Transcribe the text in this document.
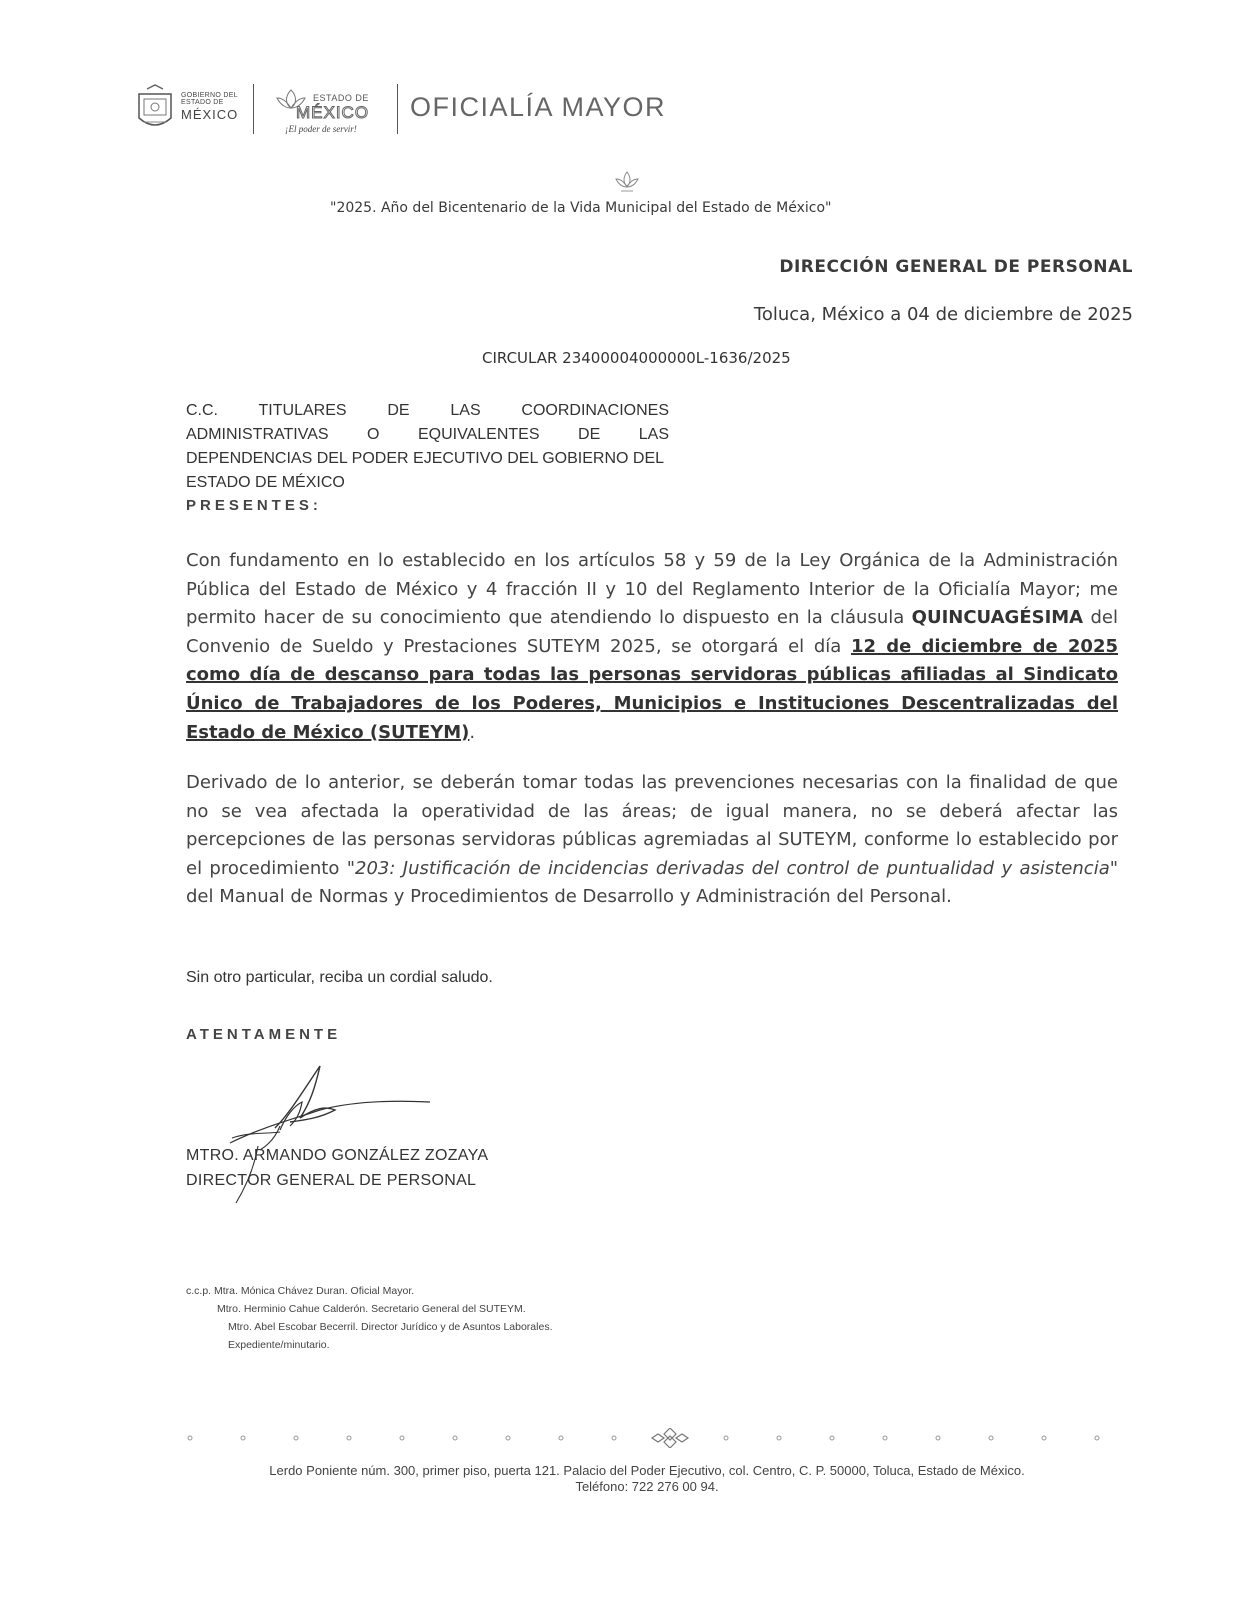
GOBIERNO DEL
ESTADO DE
MÉXICO
ESTADO DE
MÉXICO
¡El poder de servir!
OFICIALÍA MAYOR
"2025. Año del Bicentenario de la Vida Municipal del Estado de México"
DIRECCIÓN GENERAL DE PERSONAL
Toluca, México a 04 de diciembre de 2025
CIRCULAR 23400004000000L-1636/2025
C.C. TITULARES DE LAS COORDINACIONES
ADMINISTRATIVAS O EQUIVALENTES DE LAS
DEPENDENCIAS DEL PODER EJECUTIVO DEL GOBIERNO DEL
ESTADO DE MÉXICO
PRESENTES:
Con fundamento en lo establecido en los artículos 58 y 59 de la Ley Orgánica de la Administración Pública del Estado de México y 4 fracción II y 10 del Reglamento Interior de la Oficialía Mayor; me permito hacer de su conocimiento que atendiendo lo dispuesto en la cláusula QUINCUAGÉSIMA del Convenio de Sueldo y Prestaciones SUTEYM 2025, se otorgará el día 12 de diciembre de 2025 como día de descanso para todas las personas servidoras públicas afiliadas al Sindicato Único de Trabajadores de los Poderes, Municipios e Instituciones Descentralizadas del Estado de México (SUTEYM).
Derivado de lo anterior, se deberán tomar todas las prevenciones necesarias con la finalidad de que no se vea afectada la operatividad de las áreas; de igual manera, no se deberá afectar las percepciones de las personas servidoras públicas agremiadas al SUTEYM, conforme lo establecido por el procedimiento "203: Justificación de incidencias derivadas del control de puntualidad y asistencia" del Manual de Normas y Procedimientos de Desarrollo y Administración del Personal.
Sin otro particular, reciba un cordial saludo.
ATENTAMENTE
MTRO. ARMANDO GONZÁLEZ ZOZAYA
DIRECTOR GENERAL DE PERSONAL
c.c.p. Mtra. Mónica Chávez Duran. Oficial Mayor.
Mtro. Herminio Cahue Calderón. Secretario General del SUTEYM.
Mtro. Abel Escobar Becerril. Director Jurídico y de Asuntos Laborales.
Expediente/minutario.
Lerdo Poniente núm. 300, primer piso, puerta 121. Palacio del Poder Ejecutivo, col. Centro, C. P. 50000, Toluca, Estado de México.
Teléfono: 722 276 00 94.
